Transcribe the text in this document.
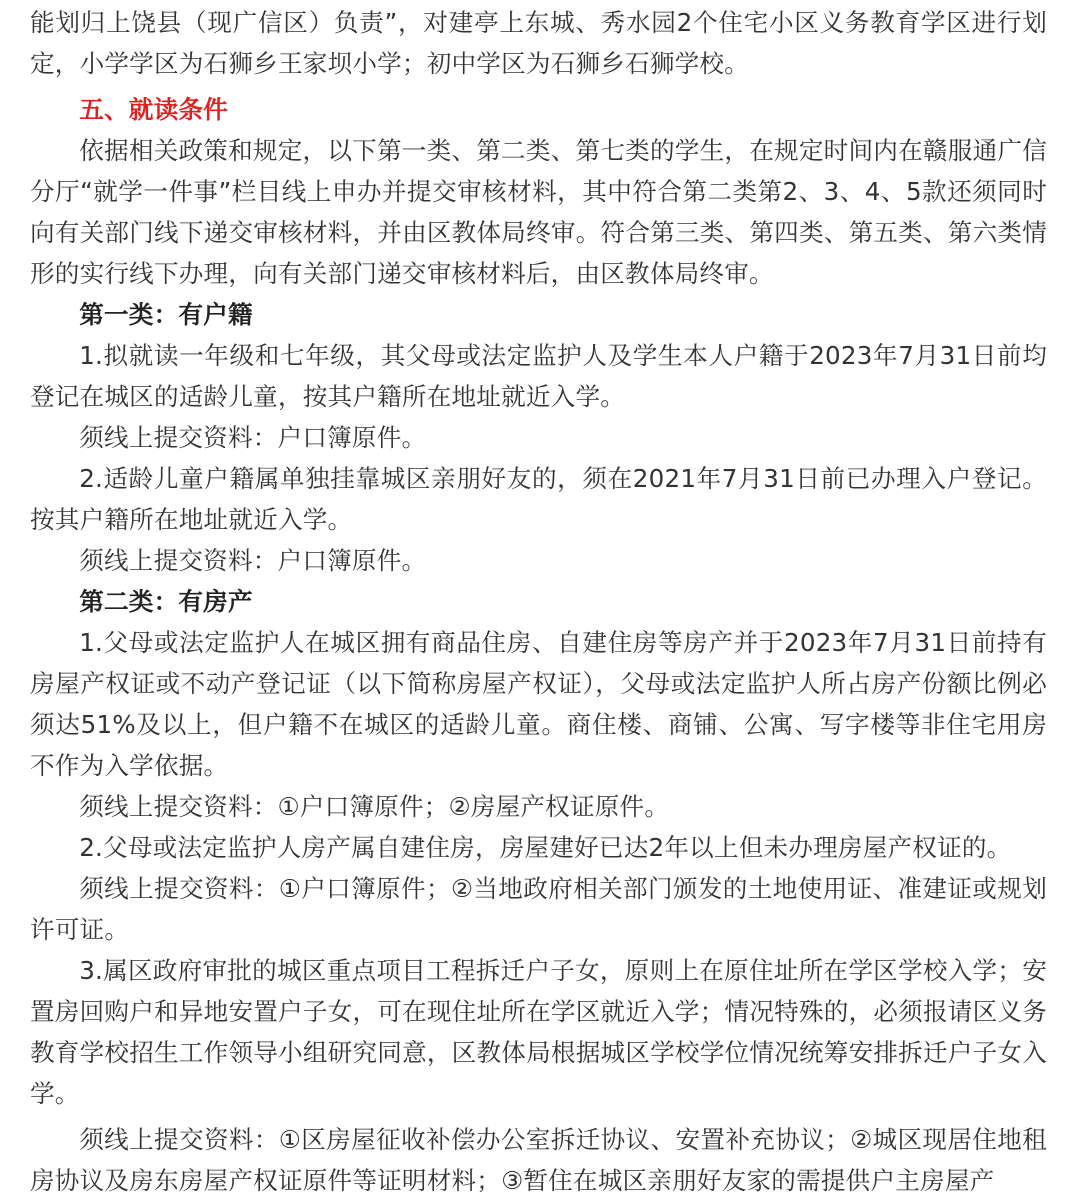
能划归上饶县（现广信区）负责”，对建亭上东城、秀水园2个住宅小区义务教育学区进行划定，小学学区为石狮乡王家坝小学；初中学区为石狮乡石狮学校。

五、就读条件

依据相关政策和规定，以下第一类、第二类、第七类的学生，在规定时间内在赣服通广信分厅“就学一件事”栏目线上申办并提交审核材料，其中符合第二类第2、3、4、5款还须同时向有关部门线下递交审核材料，并由区教体局终审。符合第三类、第四类、第五类、第六类情形的实行线下办理，向有关部门递交审核材料后，由区教体局终审。

第一类：有户籍

1.拟就读一年级和七年级，其父母或法定监护人及学生本人户籍于2023年7月31日前均登记在城区的适龄儿童，按其户籍所在地址就近入学。

须线上提交资料：户口簿原件。

2.适龄儿童户籍属单独挂靠城区亲朋好友的，须在2021年7月31日前已办理入户登记。按其户籍所在地址就近入学。

须线上提交资料：户口簿原件。

第二类：有房产

1.父母或法定监护人在城区拥有商品住房、自建住房等房产并于2023年7月31日前持有房屋产权证或不动产登记证（以下简称房屋产权证），父母或法定监护人所占房产份额比例必须达51%及以上，但户籍不在城区的适龄儿童。商住楼、商铺、公寓、写字楼等非住宅用房不作为入学依据。

须线上提交资料：①户口簿原件；②房屋产权证原件。

2.父母或法定监护人房产属自建住房，房屋建好已达2年以上但未办理房屋产权证的。

须线上提交资料：①户口簿原件；②当地政府相关部门颁发的土地使用证、准建证或规划许可证。

3.属区政府审批的城区重点项目工程拆迁户子女，原则上在原住址所在学区学校入学；安置房回购户和异地安置户子女，可在现住址所在学区就近入学；情况特殊的，必须报请区义务教育学校招生工作领导小组研究同意，区教体局根据城区学校学位情况统筹安排拆迁户子女入学。

须线上提交资料：①区房屋征收补偿办公室拆迁协议、安置补充协议；②城区现居住地租房协议及房东房屋产权证原件等证明材料；③暂住在城区亲朋好友家的需提供户主房屋产
